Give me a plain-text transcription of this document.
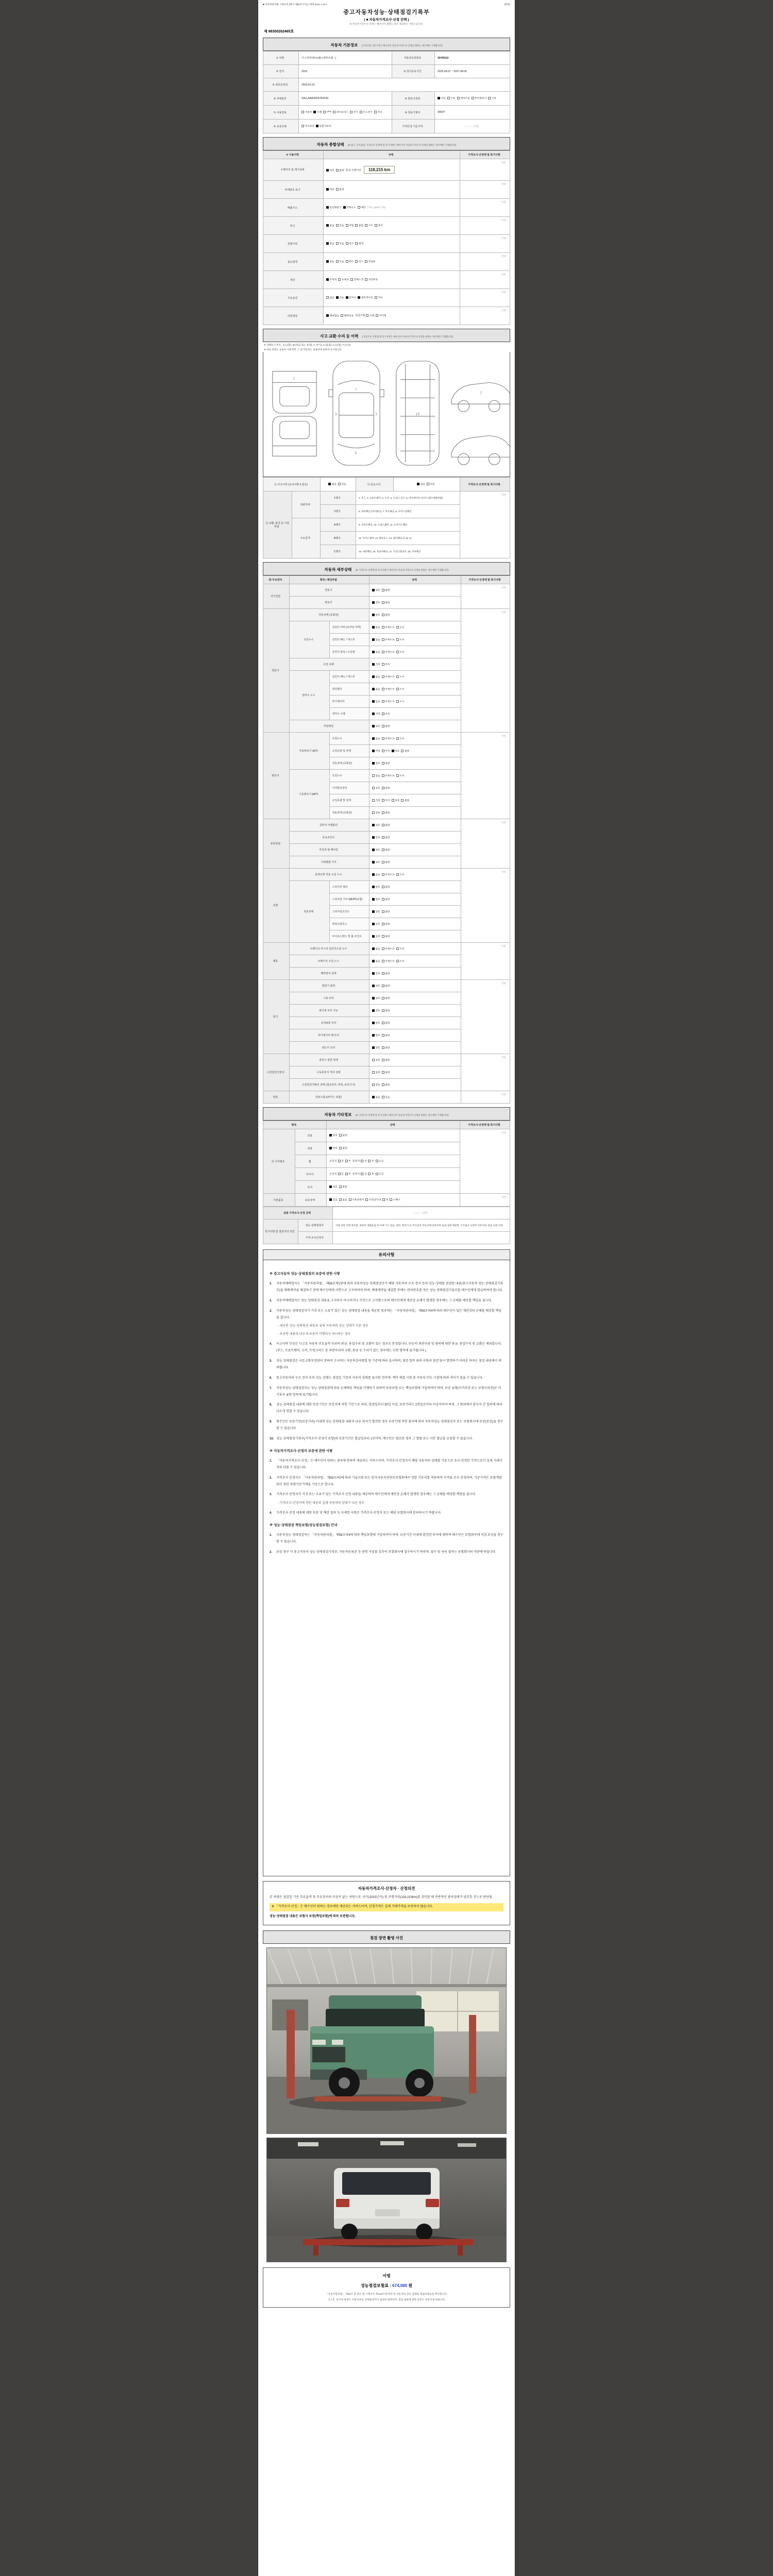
■ 자동차관리법 시행규칙 [별지 제82호서식] <개정 2021.1.19.>	(앞쪽)
중고자동차성능·상태점검기록부
( ■ 자동차가격조사·산정 선택 )
※ 자동차가격조사·산정은 매수인이 원하는 경우 제공하는 서비스입니다.
제 98300262465호
자동차 기본정보 (가격산정 기준가격은 매수인이 자동차가격조사·산정을 원하는 경우에만 기재합니다)
① 차명	디스커버리4 3.0D (세부모델 : )	자동차등록번호	45버6010
② 연식	2015	③ 검사유효기간	2025-08-07 ~ 2027-08-06
④ 최초등록일	2015-03-19		
⑤ 차대번호	SALLAAAG6FA7E0243	⑥ 변속기종류	자동 수동 세미오토 무단변속기 기타

⑦ 사용연료	가솔린 디젤 LPG 하이브리드 전기 수소전기 기타	⑧ 원동기형식	306DT
⑨ 보증유형	자가보증 보험사보증	가격산정 기준가격	○ ○ ○ ○ 만원
자동차 종합상태 (※ 용도, 주요옵션, 가격조사·산정액 및 특기사항은 매수인이 자동차가격조사·산정을 원하는 경우에만 기재합니다)
⑩ 사용이력	상태	가격조사·산정액 및 특기사항
주행거리 및 계기상태	양호 불량 현재 주행거리 118,215 km	만원
차대번호 표기	양호 불량	만원
배출가스	일산화탄소 탄화수소 매연 ( %) ( ppm) ( %)	만원
튜닝	없음 있음 적법 불법 구조 장치
	만원
특별이력	없음 있음 침수 화재	만원
용도변경	없음 있음 렌트 리스 영업용	만원
색상	무채색 유채색 전체도색 색상변경	만원
주요옵션	없음 있음 썬루프 네비게이션 기타	만원
리콜대상	해당없음 해당있음 리콜이행 이행 미이행	만원
사고·교환·수리 등 이력 (가격조사·산정액 및 특기사항은 매수인이 자동차가격조사·산정을 원하는 경우에만 기재합니다)
※ 상태표시 부호 : X (교환), W (판금 또는 용접), C (부식), A (흠집), U (요철), T (손상)
※ 하단 항목은 승용차 기준이며, 그 외 자동차는 승용차에 준하여 표시합니다.
1
7
3	3
6
16
2
⑪ 사고이력 (유의사항 4 참조)		없음 있음	⑫ 단순수리	없음 있음	가격조사·산정액 및 특기사항
⑬ 교환, 판금 등 이상 부위	외판부위	1랭크	1. 후드, 2. 프론트펜더, 3. 도어, 4. 트렁크 리드, 5. 라디에이터 서포트 (볼트체결부품)		만원
		2랭크	6. 쿼터패널 (리어펜더), 7. 루프패널, 8. 사이드실패널		
	주요골격	A랭크	9. 프론트패널, 10. 크로스멤버, 11. 인사이드패널		
		B랭크	12. 사이드멤버, 13. 휠하우스, 14. 필러패널 (A, B, C)		
		C랭크	15. 대쉬패널, 16. 플로어패널, 17. 트렁크플로어, 18. 리어패널		
자동차 세부상태 (※ 가격조사·산정액 및 특기사항은 매수인이 자동차가격조사·산정을 원하는 경우에만 기재합니다)
⑭ 주요장치	항목 / 해당부품		상태	가격조사·산정액 및 특기사항
자기진단	원동기		양호 불량	만원
	변속기		양호 불량	

원동기	작동상태 (공회전)		양호 불량	만원
	오일누수	실린더 커버 (로커암 커버)	없음 미세누유 누유	

		실린더 헤드 / 개스킷	없음 미세누유 누유	

		실린더 블록 / 오일팬	없음 미세누유 누유	

	오일 유량		적정 부족	

	냉각수 누수	실린더 헤드 / 개스킷	없음 미세누수 누수	

		워터펌프	없음 미세누수 누수	

		라디에이터	없음 미세누수 누수	

		냉각수 수량	적정 부족	

	커먼레일		양호 불량	

변속기	자동변속기 (A/T)	오일누수	없음 미세누유 누유	만원
		오일유량 및 상태	적정 부족 양호 불량	

		작동상태 (공회전)	양호 불량	

	수동변속기 (M/T)	오일누수	없음 미세누유 누유	

		기어변속장치	양호 불량	

		오일유량 및 상태	적정 부족 양호 불량	

		작동상태 (공회전)	양호 불량	

동력전달	클러치 어셈블리		양호 불량	만원
	등속조인트		양호 불량	

	추진축 및 베어링		양호 불량	

	디퍼렌셜 기어		양호 불량	

조향	동력조향 작동 오일 누수		없음 미세누유 누유	만원
	작동상태	스티어링 펌프	양호 불량	

		스티어링 기어 (MDPS포함)	양호 불량	

		스티어링조인트	양호 불량	

		파워고압호스	양호 불량	

		타이로드엔드 및 볼 조인트	양호 불량	

제동	브레이크 마스터 실린더오일 누수		없음 미세누유 누유	만원
	브레이크 오일 누수		없음 미세누유 누유	

	배력장치 상태		양호 불량	

전기	발전기 출력		양호 불량	만원
	시동 모터		양호 불량	

	와이퍼 모터 기능		양호 불량	

	실내송풍 모터		양호 불량	

	라디에이터 팬 모터		양호 불량	

	윈도우 모터		양호 불량	

고전원전기장치	충전구 절연 상태		양호 불량	만원
	구동축전지 격리 상태		양호 불량	

	고전원전기배선 상태 (접속단자, 피복, 보호기구)		양호 불량	

연료	연료누출 (LP가스 포함)		없음 있음	만원
자동차 기타정보 (※ 가격조사·산정액 및 특기사항은 매수인이 자동차가격조사·산정을 원하는 경우에만 기재합니다)
항목		상태	가격조사·산정액 및 특기사항
⑮ 수리필요	외장	양호 불량	만원
	내장	양호 불량	

휠	운전석 전 후 동반석 전 후 응급

타이어	운전석 전 후 동반석 전 후 응급

	유리	양호 불량	

기본품목	보유상태	있음 없음 사용설명서 안전삼각대 잭 스패너
	만원
최종 가격조사·산정 금액		○ ○ ○ ○ 만원
특기사항 및 점검자의 의견	성능·상태점검자	차량 전반 상태 양호함. 외판부 생활흠집 및 미세 기스 있음. 엔진, 변속기 등 주요장치 작동상태 양호하며 실내 상태 깨끗함. 소모품은 교환주기에 따라 점검·교환 요망.
	가격·조사산정자	
유의사항
※ 중고자동차 성능·상태점검의 보증에 관한 사항
1.	자동차매매업자는 「자동차관리법」 제58조제1항에 따라 자동차성능·상태점검자가 해당 자동차의 구조·장치 등의 성능·상태를 점검한 내용(중고자동차 성능·상태점검기록부)을 매매계약을 체결하기 전에 매수인에게 서면으로 고지하여야 하며, 매매계약을 체결한 후에는 관리번호를 적은 성능·상태점검기록부를 매수인에게 발급하여야 합니다.
2.	자동차매매업자는 성능·상태점검 내용을 고지하지 아니하거나 거짓으로 고지함으로써 매수인에게 재산상 손해가 발생한 경우에는 그 손해를 배상할 책임을 집니다.
3.	자동차성능·상태점검자가 거짓 또는 오류가 있는 성능·상태점검 내용을 제공한 경우에는 「자동차관리법」 제58조의4에 따라 매수인이 입은 재산상의 손해를 배상할 책임을 집니다.
- 제공한 성능·상태점검 내용과 실제 자동차의 성능·상태가 다른 경우
- 보증한 내용과 다르게 보증이 이행되지 아니하는 경우
4.	사고이력 인정은 사고로 자동차 주요골격 부위의 판금, 용접수리 및 교환이 있는 경우로 한정합니다. 단순히 외판부위 및 범퍼에 대한 판금, 용접수리 및 교환은 제외합니다. (후드, 프론트펜더, 도어, 트렁크리드 등 외판부위의 교환, 판금 등 수리가 있는 경우에는 ⑬번 항목에 표기됩니다.)
5.	성능·상태점검은 국토교통부장관이 정하여 고시하는 자동차검사방법 및 기준에 따라 실시하며, 점검 항목 외의 사항과 점검 당시 발견하기 어려운 하자는 점검 내용에서 제외됩니다.
6.	중고자동차의 구조·장치 등의 성능·상태는 점검일 기준의 자동차 상태를 표시한 것이며, 계약 체결 시점 및 자동차 인도 시점에 따라 차이가 있을 수 있습니다.
7.	자동차성능·상태점검자는 성능·상태점검에 따른 손해배상 책임을 이행하기 위하여 보증보험 또는 책임보험에 가입하여야 하며, 보증 유형(자가보증 또는 보험사보증)은 이 기록부 ⑨번 항목에 표기됩니다.
8.	성능·상태점검 내용에 대한 보증기간은 보증서에 적힌 기간으로 하되, 점검일부터 30일 이상, 보증거리는 2천킬로미터 이상이어야 하며, 그 범위에서 당사자 간 합의에 따라 다르게 정할 수 있습니다.
9.	매수인은 보증기간(보증거리) 이내에 성능·상태점검 내용과 다른 하자가 발견된 경우 보증서에 적힌 절차에 따라 자동차성능·상태점검자 또는 보험회사에 보증(보상)을 청구할 수 있습니다.
10. 성능·상태점검기록부(가격조사·산정서 포함)의 보존기간은 발급일부터 1년이며, 매수인은 필요한 경우 그 열람 또는 사본 발급을 요청할 수 있습니다.
※ 자동차가격조사·산정의 보증에 관한 사항
1.	「자동차가격조사·산정」은 매수인이 원하는 경우에 한하여 제공되는 서비스이며, 가격조사·산정자가 해당 자동차의 상태를 기준으로 조사·산정한 가격으로서 실제 거래가격과 다를 수 있습니다.
2.	가격조사·산정자는 「자동차관리법」 제58조의2에 따라 기술사회 또는 한국자동차진단보증협회에서 정한 기준서를 적용하여 가격을 조사·산정하며, 기준가격은 보험개발원이 정한 차량기준가액을 기준으로 합니다.
3.	가격조사·산정자가 거짓 또는 오류가 있는 가격조사·산정 내용을 제공하여 매수인에게 재산상 손해가 발생한 경우에는 그 손해를 배상할 책임을 집니다.
- 가격조사·산정서에 적힌 내용과 실제 자동차의 상태가 다른 경우
4.	가격조사·산정 내용에 대한 보증 및 배상 절차 등 자세한 사항은 가격조사·산정자 또는 해당 보험회사에 문의하시기 바랍니다.
※ 성능·상태점검 책임보험(성능점검보험) 안내
1.	자동차성능·상태점검자는 「자동차관리법」 제58조의4에 따라 책임보험에 가입하여야 하며, 보증기간 이내에 발견된 하자에 대하여 매수인은 보험회사에 직접 보상을 청구할 수 있습니다.
2.	보상 청구 시 중고자동차 성능·상태점검기록부, 자동차등록증 등 관련 서류를 갖추어 보험회사에 접수하시기 바라며, 접수 및 처리 절차는 보험회사의 약관에 따릅니다.
자동차가격조사·산정자 · 산정의견
본 차량은 점검일 기준 주요골격 및 주요장치의 이상이 없는 차량으로, 연식(2015년식) 및 주행거리(118,215km)를 감안할 때 전반적인 관리상태가 양호한 것으로 판단됨.
※ 「가격조사·산정」은 매수인이 원하는 경우에만 제공되는 서비스이며, 산정가격은 실제 거래가격을 보증하지 않습니다.
성능·상태점검 내용은 보험사 보증(책임보험)에 따라 보증됩니다.
점검 장면 촬영 사진
서명
성능점검보험료 : 674,080 원
「자동차관리법」 제58조 및 같은 법 시행규칙 제120조에 따라 위 자동차의 성능·상태를 점검하였음을 확인합니다.
【 V 】 표시된 항목은 자동차성능·상태점검자가 점검한 결과이며, 점검 내용에 관한 보증은 보증서에 따릅니다.
